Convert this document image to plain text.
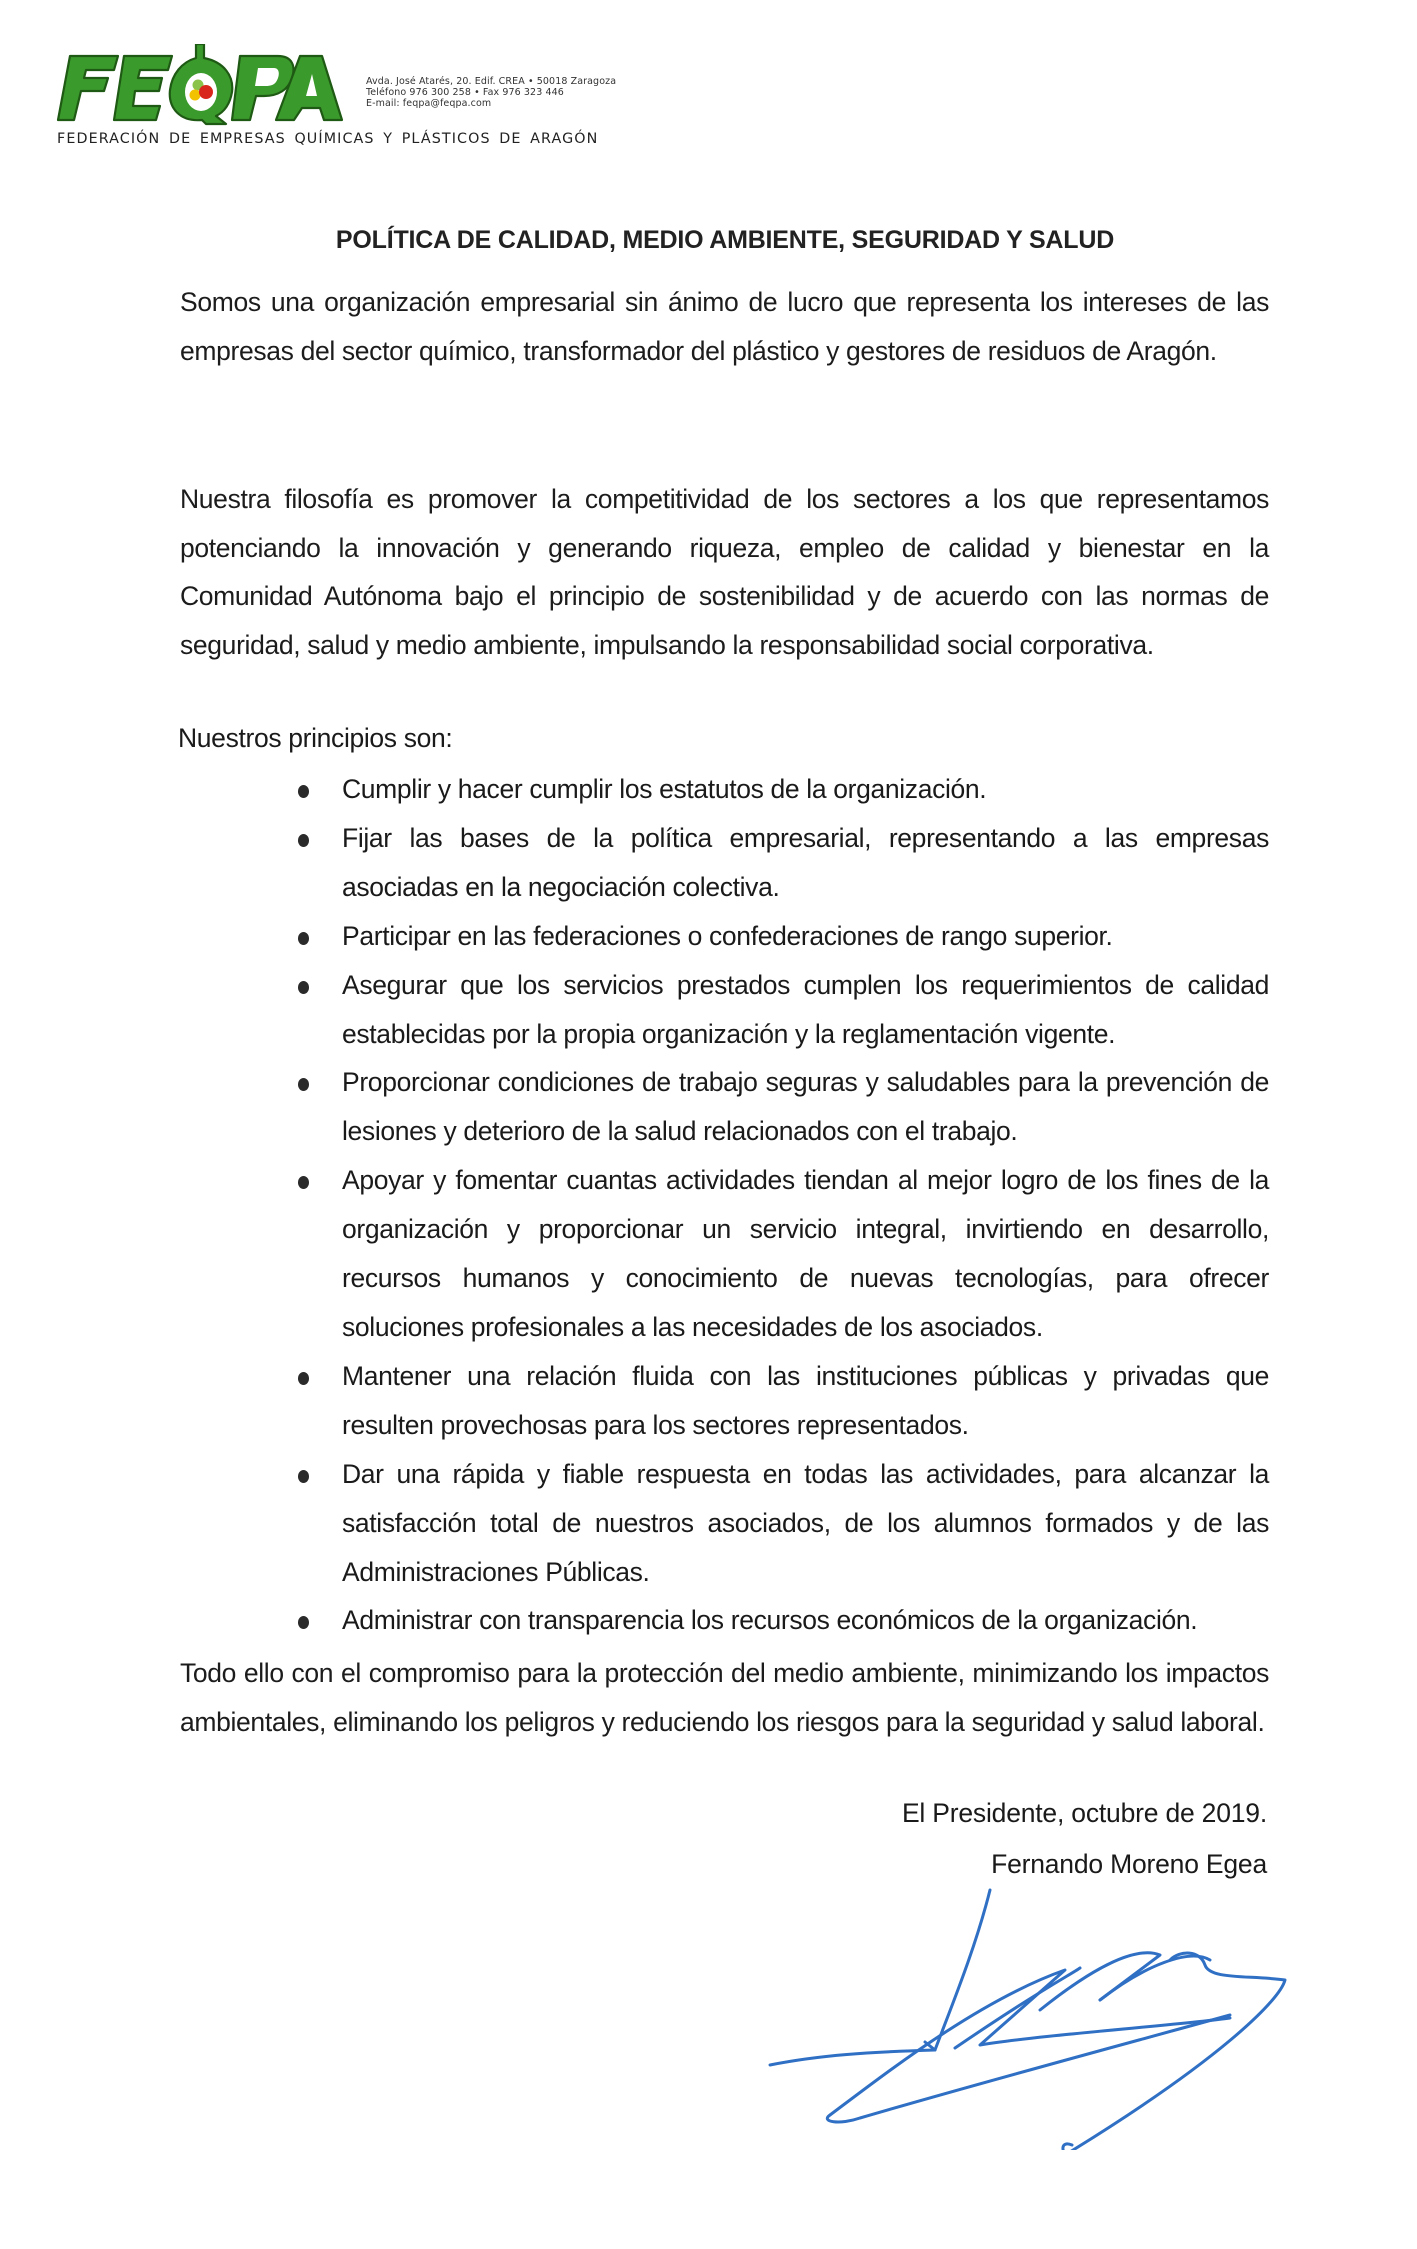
Avda. José Atarés, 20. Edif. CREA • 50018 Zaragoza
Teléfono 976 300 258 • Fax 976 323 446
E-mail: feqpa@feqpa.com
FEDERACIÓN DE EMPRESAS QUÍMICAS Y PLÁSTICOS DE ARAGÓN
POLÍTICA DE CALIDAD, MEDIO AMBIENTE, SEGURIDAD Y SALUD
Somos una organización empresarial sin ánimo de lucro que representa los intereses de las empresas del sector químico, transformador del plástico y gestores de residuos de Aragón.
Nuestra filosofía es promover la competitividad de los sectores a los que representamos potenciando la innovación y generando riqueza, empleo de calidad y bienestar en la Comunidad Autónoma bajo el principio de sostenibilidad y de acuerdo con las normas de seguridad, salud y medio ambiente, impulsando la responsabilidad social corporativa.
Nuestros principios son:
Cumplir y hacer cumplir los estatutos de la organización.
Fijar las bases de la política empresarial, representando a las empresas asociadas en la negociación colectiva.
Participar en las federaciones o confederaciones de rango superior.
Asegurar que los servicios prestados cumplen los requerimientos de calidad establecidas por la propia organización y la reglamentación vigente.
Proporcionar condiciones de trabajo seguras y saludables para la prevención de lesiones y deterioro de la salud relacionados con el trabajo.
Apoyar y fomentar cuantas actividades tiendan al mejor logro de los fines de la organización y proporcionar un servicio integral, invirtiendo en desarrollo, recursos humanos y conocimiento de nuevas tecnologías, para ofrecer soluciones profesionales a las necesidades de los asociados.
Mantener una relación fluida con las instituciones públicas y privadas que resulten provechosas para los sectores representados.
Dar una rápida y fiable respuesta en todas las actividades, para alcanzar la satisfacción total de nuestros asociados, de los alumnos formados y de las Administraciones Públicas.
Administrar con transparencia los recursos económicos de la organización.
Todo ello con el compromiso para la protección del medio ambiente, minimizando los impactos ambientales, eliminando los peligros y reduciendo los riesgos para la seguridad y salud laboral.
El Presidente, octubre de 2019.
Fernando Moreno Egea
